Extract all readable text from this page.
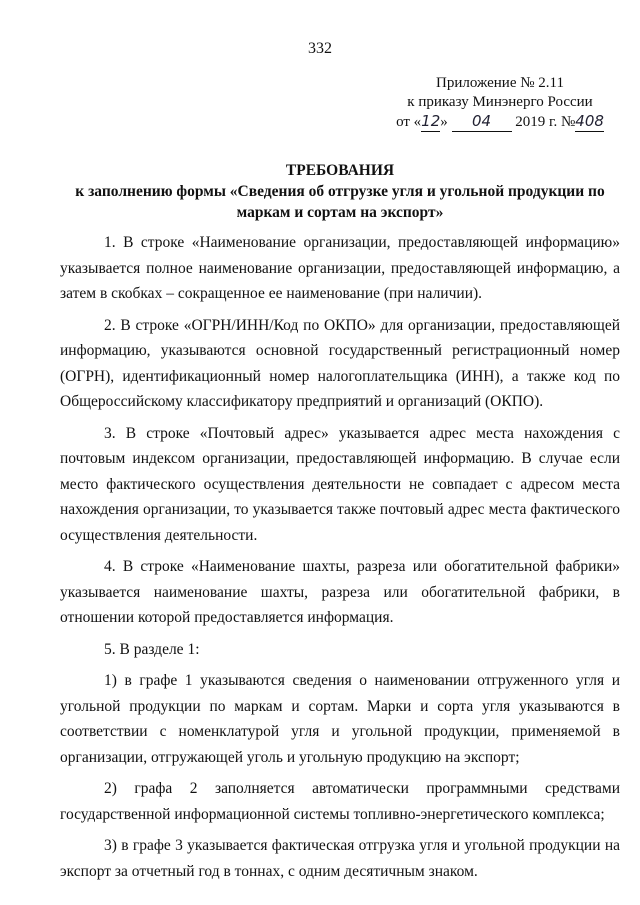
332
Приложение № 2.11
к приказу Минэнерго России
от «12» 04 2019 г. №408
ТРЕБОВАНИЯ
к заполнению формы «Сведения об отгрузке угля и угольной продукции по
маркам и сортам на экспорт»

1. В строке «Наименование организации, предоставляющей информацию» указывается полное наименование организации, предоставляющей информацию, а затем в скобках – сокращенное ее наименование (при наличии).

2. В строке «ОГРН/ИНН/Код по ОКПО» для организации, предоставляющей информацию, указываются основной государственный регистрационный номер (ОГРН), идентификационный номер налогоплательщика (ИНН), а также код по Общероссийскому классификатору предприятий и организаций (ОКПО).

3. В строке «Почтовый адрес» указывается адрес места нахождения с почтовым индексом организации, предоставляющей информацию. В случае если место фактического осуществления деятельности не совпадает с адресом места нахождения организации, то указывается также почтовый адрес места фактического осуществления деятельности.

4. В строке «Наименование шахты, разреза или обогатительной фабрики» указывается наименование шахты, разреза или обогатительной фабрики, в отношении которой предоставляется информация.

5. В разделе 1:

1) в графе 1 указываются сведения о наименовании отгруженного угля и угольной продукции по маркам и сортам. Марки и сорта угля указываются в соответствии с номенклатурой угля и угольной продукции, применяемой в организации, отгружающей уголь и угольную продукцию на экспорт;

2) графа 2 заполняется автоматически программными средствами государственной информационной системы топливно-энергетического комплекса;

3) в графе 3 указывается фактическая отгрузка угля и угольной продукции на экспорт за отчетный год в тоннах, с одним десятичным знаком.
